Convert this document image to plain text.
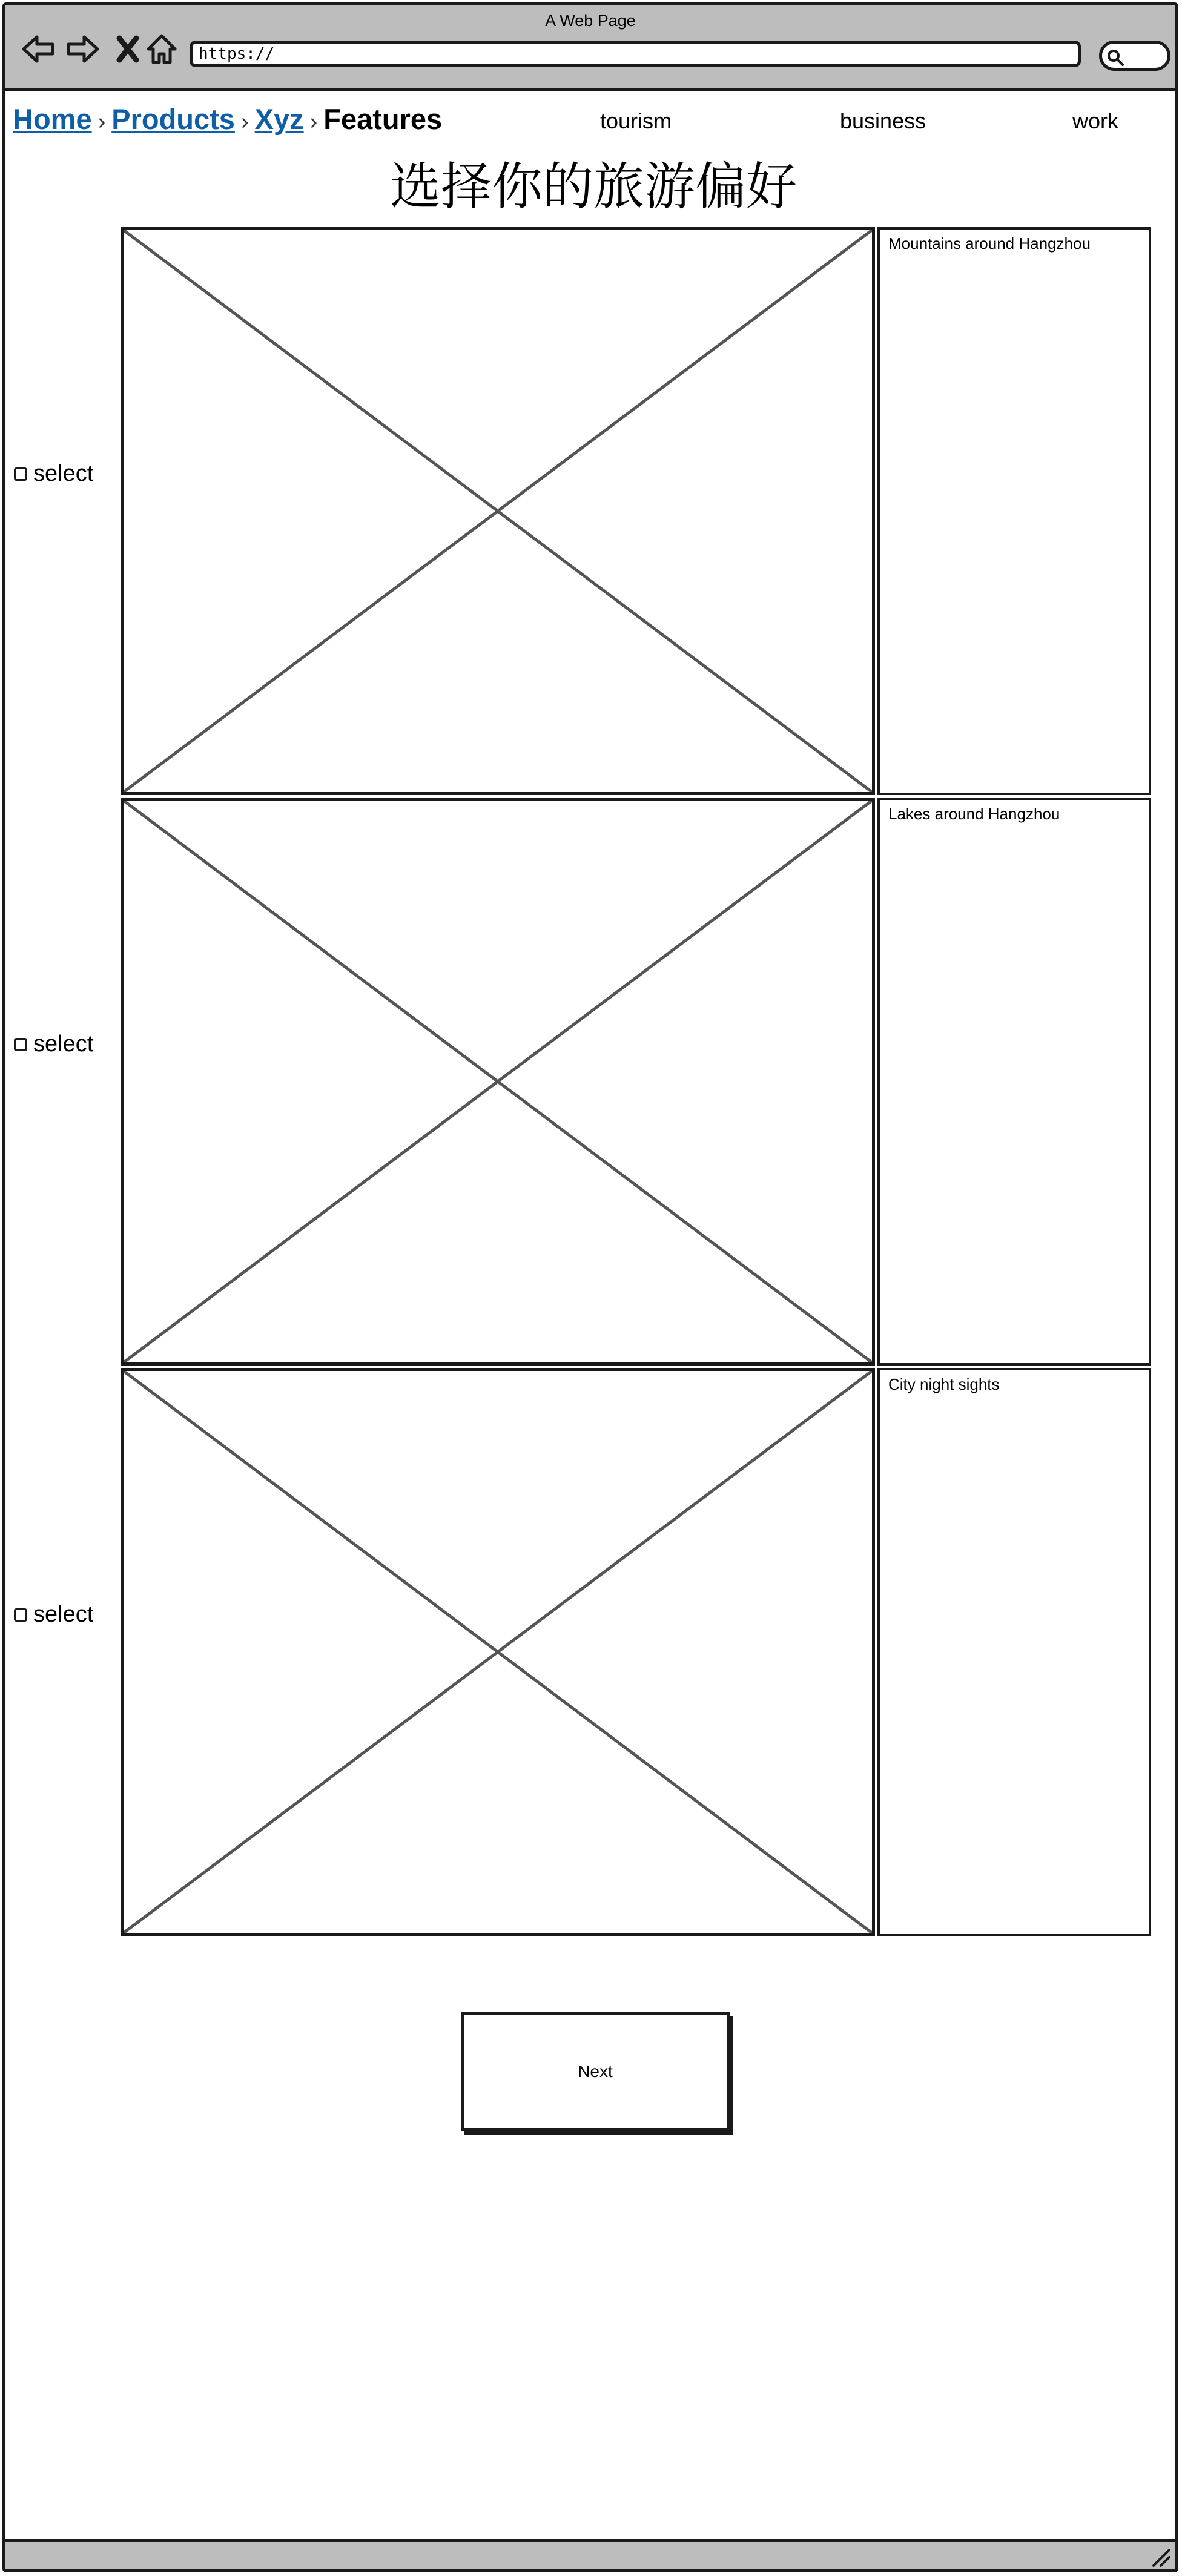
A Web Page
https://
Home › Products › Xyz › Features	tourism	business	work
选择你的旅游偏好
select
Mountains around Hangzhou
select
Lakes around Hangzhou
select
City night sights
Next
